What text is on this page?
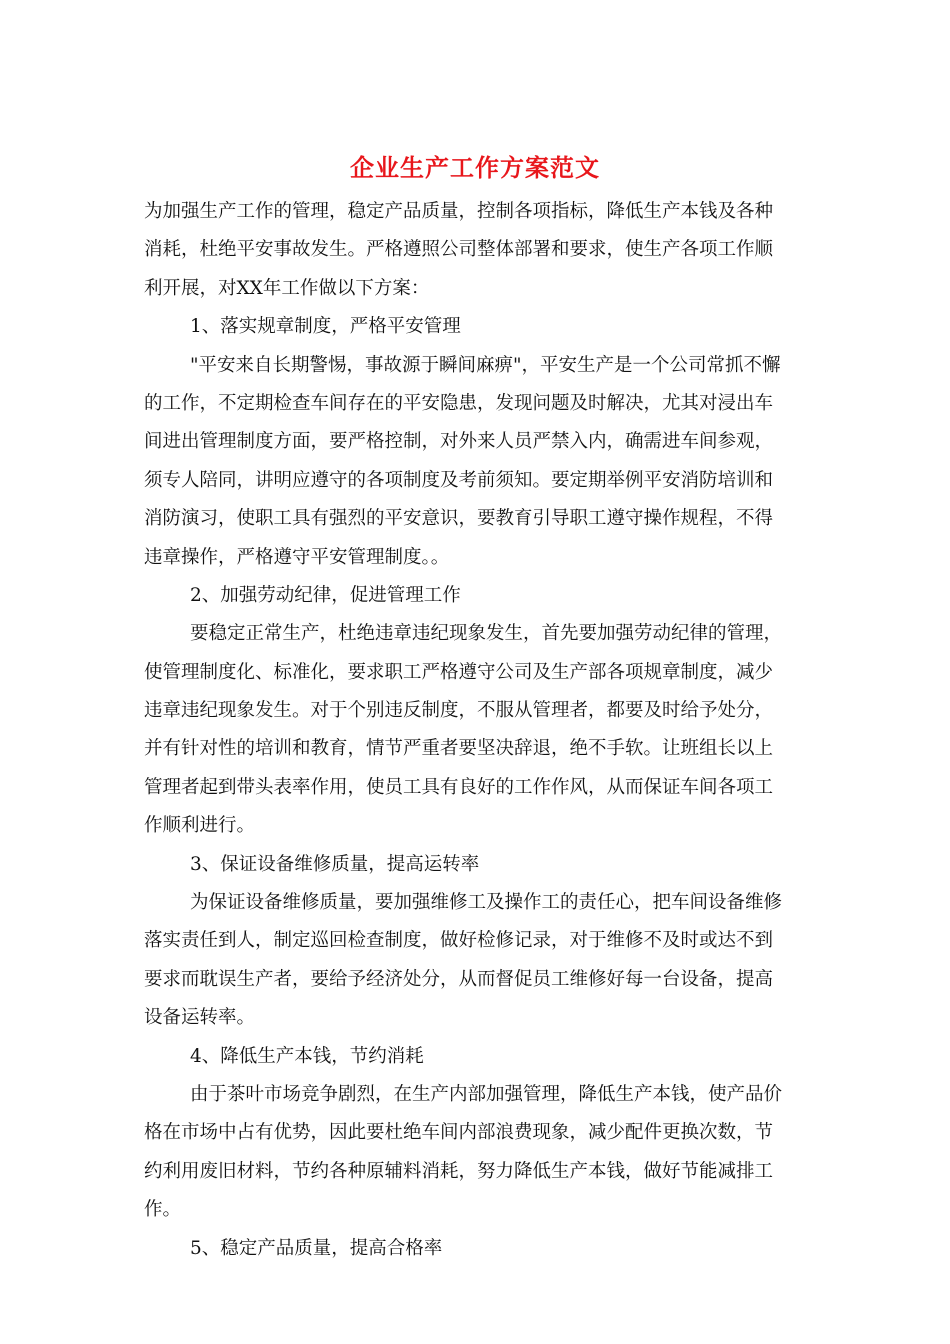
企业生产工作方案范文
为加强生产工作的管理，稳定产品质量，控制各项指标，降低生产本钱及各种
消耗，杜绝平安事故发生。严格遵照公司整体部署和要求，使生产各项工作顺
利开展，对XX年工作做以下方案：
1、落实规章制度，严格平安管理
"平安来自长期警惕，事故源于瞬间麻痹"，平安生产是一个公司常抓不懈
的工作，不定期检查车间存在的平安隐患，发现问题及时解决，尤其对浸出车
间进出管理制度方面，要严格控制，对外来人员严禁入内，确需进车间参观，
须专人陪同，讲明应遵守的各项制度及考前须知。要定期举例平安消防培训和
消防演习，使职工具有强烈的平安意识，要教育引导职工遵守操作规程，不得
违章操作，严格遵守平安管理制度。。
2、加强劳动纪律，促进管理工作
要稳定正常生产，杜绝违章违纪现象发生，首先要加强劳动纪律的管理，
使管理制度化、标准化，要求职工严格遵守公司及生产部各项规章制度，减少
违章违纪现象发生。对于个别违反制度，不服从管理者，都要及时给予处分，
并有针对性的培训和教育，情节严重者要坚决辞退，绝不手软。让班组长以上
管理者起到带头表率作用，使员工具有良好的工作作风，从而保证车间各项工
作顺利进行。
3、保证设备维修质量，提高运转率
为保证设备维修质量，要加强维修工及操作工的责任心，把车间设备维修
落实责任到人，制定巡回检查制度，做好检修记录，对于维修不及时或达不到
要求而耽误生产者，要给予经济处分，从而督促员工维修好每一台设备，提高
设备运转率。
4、降低生产本钱，节约消耗
由于茶叶市场竞争剧烈，在生产内部加强管理，降低生产本钱，使产品价
格在市场中占有优势，因此要杜绝车间内部浪费现象，减少配件更换次数，节
约利用废旧材料，节约各种原辅料消耗，努力降低生产本钱，做好节能减排工
作。
5、稳定产品质量，提高合格率
